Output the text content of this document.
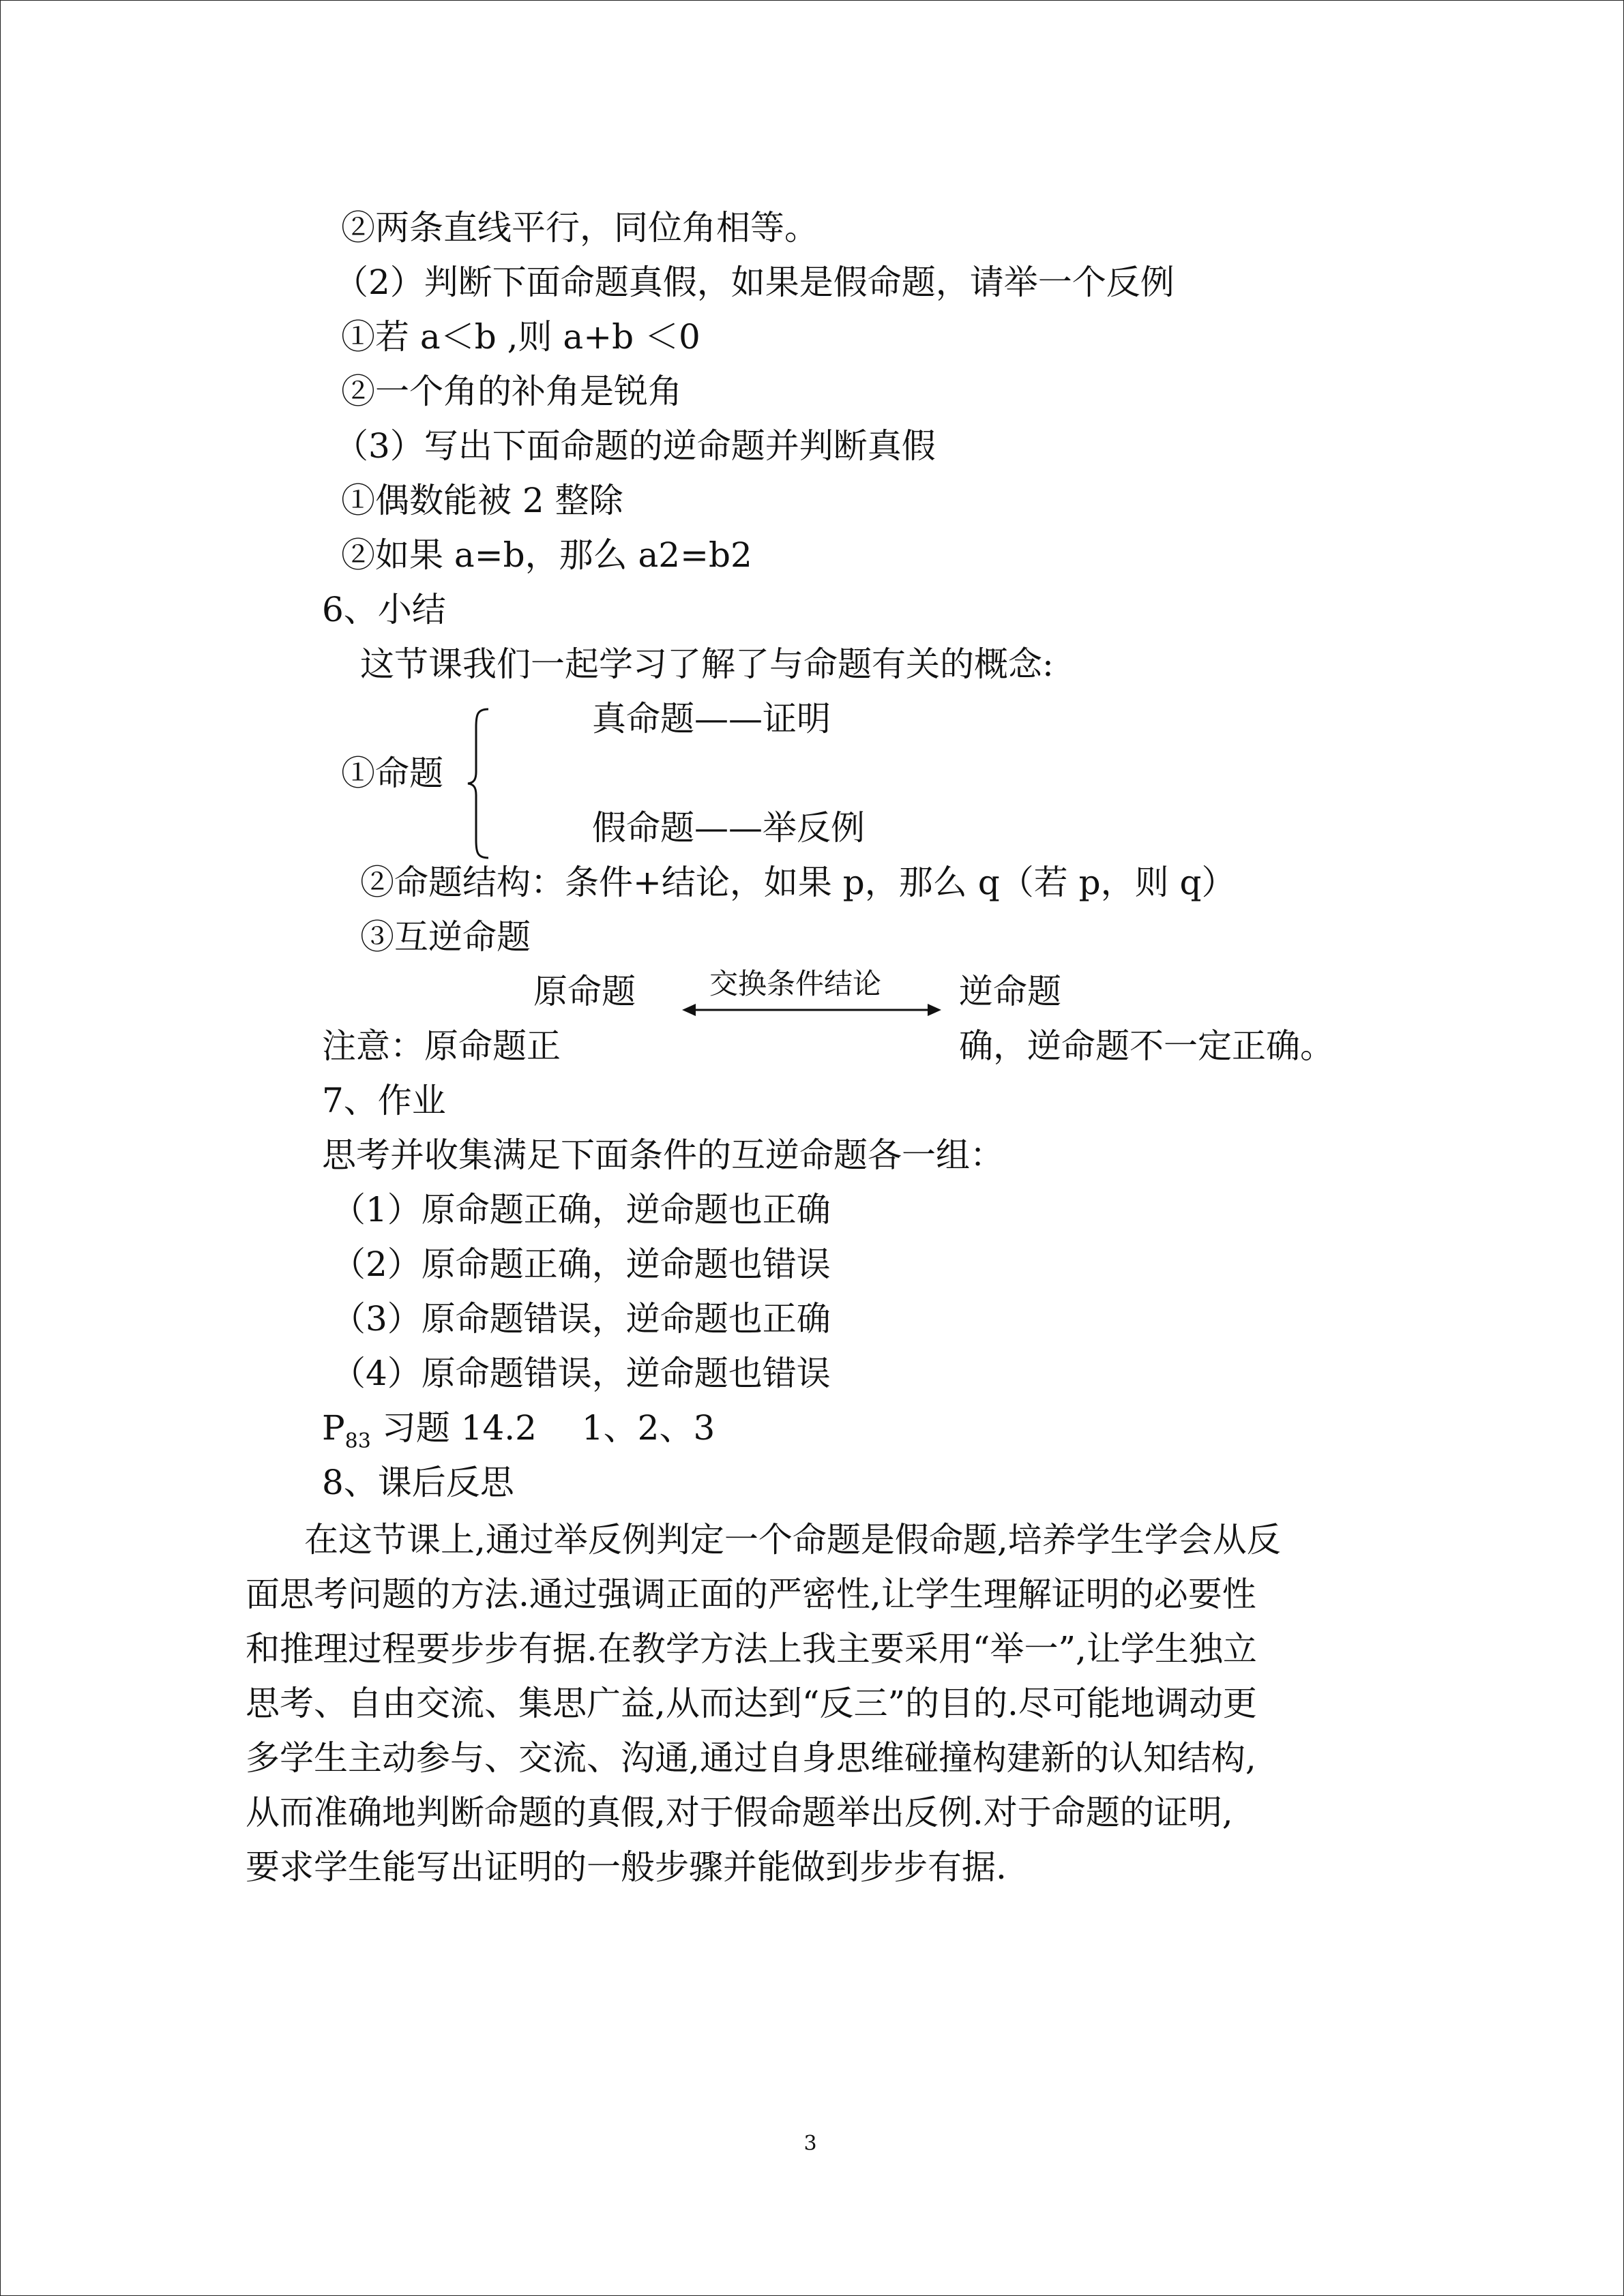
②两条直线平行，同位角相等。
（2）判断下面命题真假，如果是假命题，请举一个反例
①若 a＜b ,则 a+b ＜0
②一个角的补角是锐角
（3）写出下面命题的逆命题并判断真假
①偶数能被 2 整除
②如果 a=b，那么 a2=b2
6、小结
这节课我们一起学习了解了与命题有关的概念:
真命题——证明
①命题
假命题——举反例
②命题结构：条件+结论，如果 p，那么 q（若 p，则 q）
③互逆命题
原命题	交换条件结论 逆命题
注意：原命题正	确，逆命题不一定正确。
7、作业
思考并收集满足下面条件的互逆命题各一组：
（1）原命题正确，逆命题也正确
（2）原命题正确，逆命题也错误
（3）原命题错误，逆命题也正确
（4）原命题错误，逆命题也错误
$P_{83}$ 习题 14.2　 1、2、3
8、课后反思

在这节课上,通过举反例判定一个命题是假命题,培养学生学会从反

面思考问题的方法.通过强调正面的严密性,让学生理解证明的必要性

和推理过程要步步有据.在教学方法上我主要采用“举一”,让学生独立

思考、自由交流、集思广益,从而达到“反三”的目的.尽可能地调动更

多学生主动参与、交流、沟通,通过自身思维碰撞构建新的认知结构,

从而准确地判断命题的真假,对于假命题举出反例.对于命题的证明,

要求学生能写出证明的一般步骤并能做到步步有据.

3
